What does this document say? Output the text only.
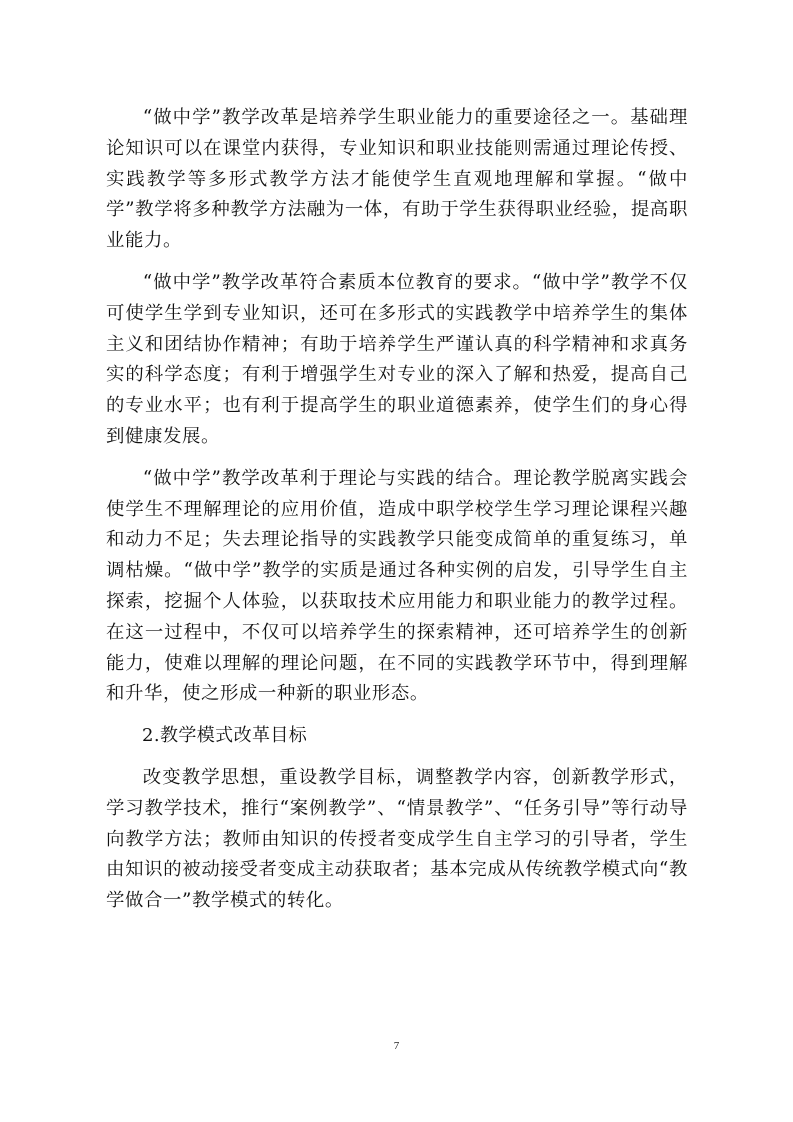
“做中学”教学改革是培养学生职业能力的重要途径之一。基础理论知识可以在课堂内获得，专业知识和职业技能则需通过理论传授、实践教学等多形式教学方法才能使学生直观地理解和掌握。“做中学”教学将多种教学方法融为一体，有助于学生获得职业经验，提高职业能力。

“做中学”教学改革符合素质本位教育的要求。“做中学”教学不仅可使学生学到专业知识，还可在多形式的实践教学中培养学生的集体主义和团结协作精神；有助于培养学生严谨认真的科学精神和求真务实的科学态度；有利于增强学生对专业的深入了解和热爱，提高自己的专业水平；也有利于提高学生的职业道德素养，使学生们的身心得到健康发展。

“做中学”教学改革利于理论与实践的结合。理论教学脱离实践会使学生不理解理论的应用价值，造成中职学校学生学习理论课程兴趣和动力不足；失去理论指导的实践教学只能变成简单的重复练习，单调枯燥。“做中学”教学的实质是通过各种实例的启发，引导学生自主探索，挖掘个人体验，以获取技术应用能力和职业能力的教学过程。在这一过程中，不仅可以培养学生的探索精神，还可培养学生的创新能力，使难以理解的理论问题，在不同的实践教学环节中，得到理解和升华，使之形成一种新的职业形态。

2.教学模式改革目标

改变教学思想，重设教学目标，调整教学内容，创新教学形式，学习教学技术，推行“案例教学”、“情景教学”、“任务引导”等行动导向教学方法；教师由知识的传授者变成学生自主学习的引导者，学生由知识的被动接受者变成主动获取者；基本完成从传统教学模式向“教学做合一”教学模式的转化。

7
